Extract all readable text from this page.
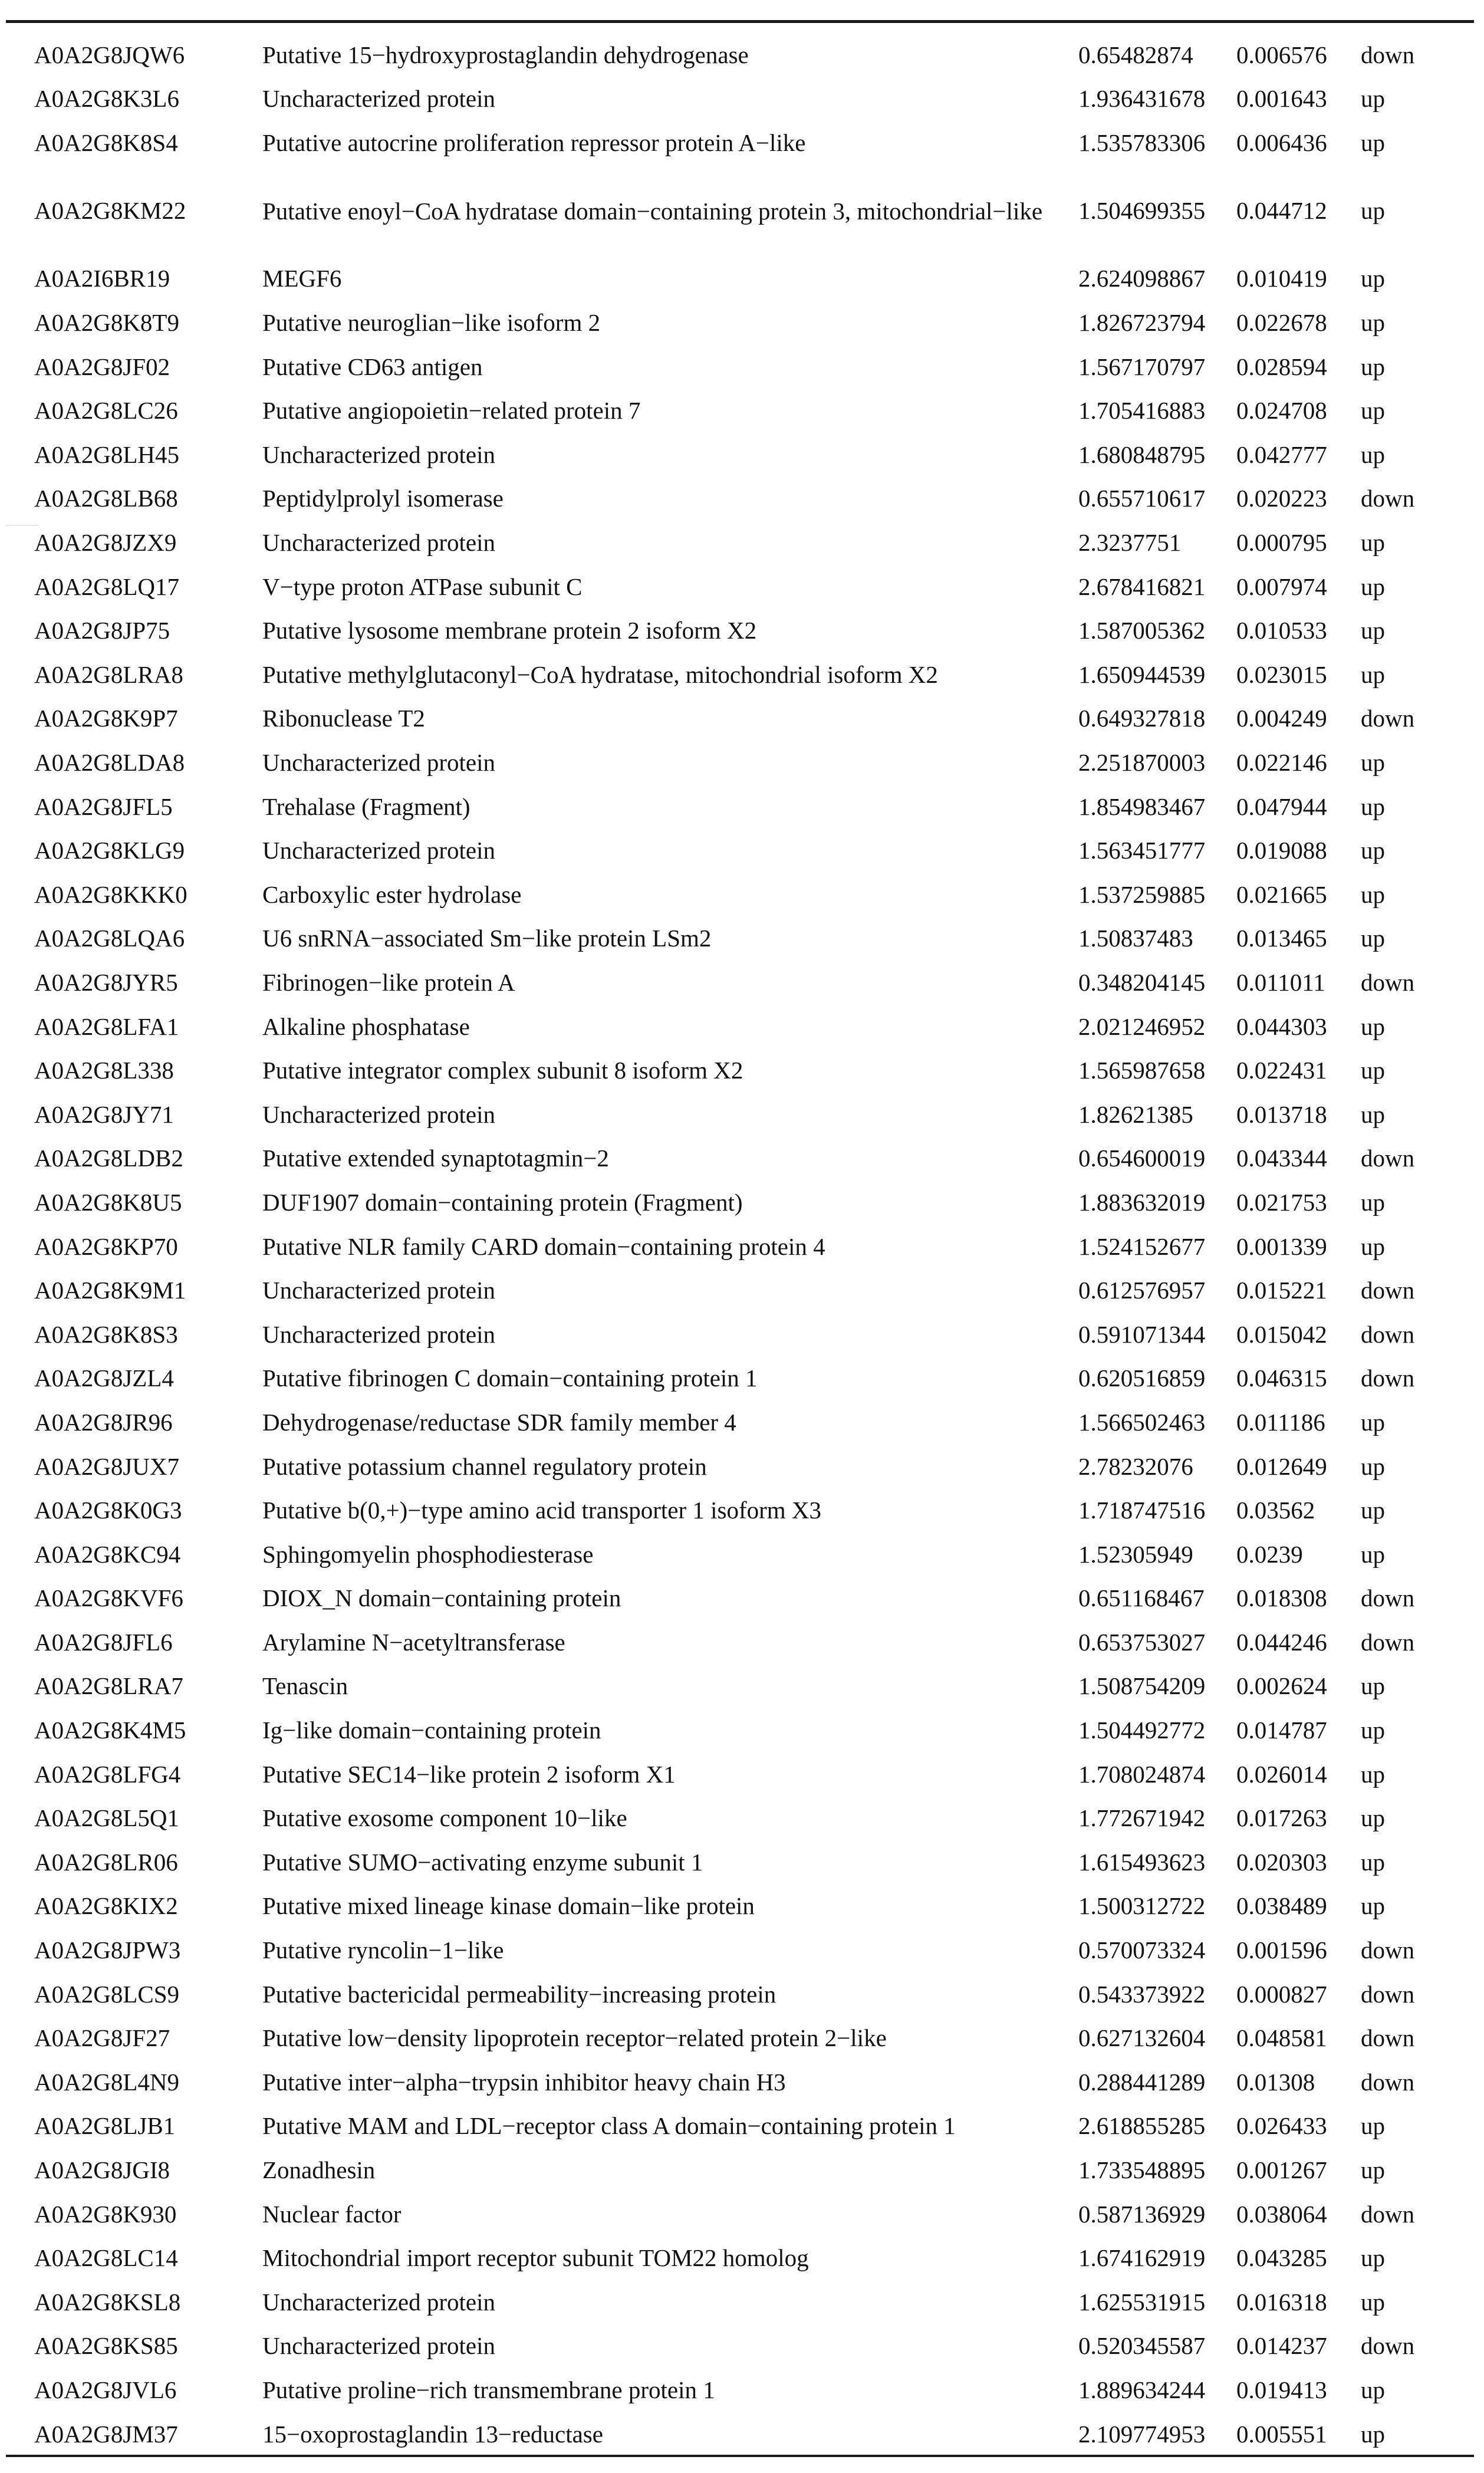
A0A2G8JQW6	Putative 15−hydroxyprostaglandin dehydrogenase	0.65482874	0.006576	down
A0A2G8K3L6	Uncharacterized protein	1.936431678	0.001643	up
A0A2G8K8S4	Putative autocrine proliferation repressor protein A−like	1.535783306	0.006436	up
A0A2G8KM22	Putative enoyl−CoA hydratase domain−containing protein 3, mitochondrial−like	1.504699355	0.044712	up
A0A2I6BR19	MEGF6	2.624098867	0.010419	up
A0A2G8K8T9	Putative neuroglian−like isoform 2	1.826723794	0.022678	up
A0A2G8JF02	Putative CD63 antigen	1.567170797	0.028594	up
A0A2G8LC26	Putative angiopoietin−related protein 7	1.705416883	0.024708	up
A0A2G8LH45	Uncharacterized protein	1.680848795	0.042777	up
A0A2G8LB68	Peptidylprolyl isomerase	0.655710617	0.020223	down
A0A2G8JZX9	Uncharacterized protein	2.3237751	0.000795	up
A0A2G8LQ17	V−type proton ATPase subunit C	2.678416821	0.007974	up
A0A2G8JP75	Putative lysosome membrane protein 2 isoform X2	1.587005362	0.010533	up
A0A2G8LRA8	Putative methylglutaconyl−CoA hydratase, mitochondrial isoform X2	1.650944539	0.023015	up
A0A2G8K9P7	Ribonuclease T2	0.649327818	0.004249	down
A0A2G8LDA8	Uncharacterized protein	2.251870003	0.022146	up
A0A2G8JFL5	Trehalase (Fragment)	1.854983467	0.047944	up
A0A2G8KLG9	Uncharacterized protein	1.563451777	0.019088	up
A0A2G8KKK0	Carboxylic ester hydrolase	1.537259885	0.021665	up
A0A2G8LQA6	U6 snRNA−associated Sm−like protein LSm2	1.50837483	0.013465	up
A0A2G8JYR5	Fibrinogen−like protein A	0.348204145	0.011011	down
A0A2G8LFA1	Alkaline phosphatase	2.021246952	0.044303	up
A0A2G8L338	Putative integrator complex subunit 8 isoform X2	1.565987658	0.022431	up
A0A2G8JY71	Uncharacterized protein	1.82621385	0.013718	up
A0A2G8LDB2	Putative extended synaptotagmin−2	0.654600019	0.043344	down
A0A2G8K8U5	DUF1907 domain−containing protein (Fragment)	1.883632019	0.021753	up
A0A2G8KP70	Putative NLR family CARD domain−containing protein 4	1.524152677	0.001339	up
A0A2G8K9M1	Uncharacterized protein	0.612576957	0.015221	down
A0A2G8K8S3	Uncharacterized protein	0.591071344	0.015042	down
A0A2G8JZL4	Putative fibrinogen C domain−containing protein 1	0.620516859	0.046315	down
A0A2G8JR96	Dehydrogenase/reductase SDR family member 4	1.566502463	0.011186	up
A0A2G8JUX7	Putative potassium channel regulatory protein	2.78232076	0.012649	up
A0A2G8K0G3	Putative b(0,+)−type amino acid transporter 1 isoform X3	1.718747516	0.03562	up
A0A2G8KC94	Sphingomyelin phosphodiesterase	1.52305949	0.0239	up
A0A2G8KVF6	DIOX_N domain−containing protein	0.651168467	0.018308	down
A0A2G8JFL6	Arylamine N−acetyltransferase	0.653753027	0.044246	down
A0A2G8LRA7	Tenascin	1.508754209	0.002624	up
A0A2G8K4M5	Ig−like domain−containing protein	1.504492772	0.014787	up
A0A2G8LFG4	Putative SEC14−like protein 2 isoform X1	1.708024874	0.026014	up
A0A2G8L5Q1	Putative exosome component 10−like	1.772671942	0.017263	up
A0A2G8LR06	Putative SUMO−activating enzyme subunit 1	1.615493623	0.020303	up
A0A2G8KIX2	Putative mixed lineage kinase domain−like protein	1.500312722	0.038489	up
A0A2G8JPW3	Putative ryncolin−1−like	0.570073324	0.001596	down
A0A2G8LCS9	Putative bactericidal permeability−increasing protein	0.543373922	0.000827	down
A0A2G8JF27	Putative low−density lipoprotein receptor−related protein 2−like	0.627132604	0.048581	down
A0A2G8L4N9	Putative inter−alpha−trypsin inhibitor heavy chain H3	0.288441289	0.01308	down
A0A2G8LJB1	Putative MAM and LDL−receptor class A domain−containing protein 1	2.618855285	0.026433	up
A0A2G8JGI8	Zonadhesin	1.733548895	0.001267	up
A0A2G8K930	Nuclear factor	0.587136929	0.038064	down
A0A2G8LC14	Mitochondrial import receptor subunit TOM22 homolog	1.674162919	0.043285	up
A0A2G8KSL8	Uncharacterized protein	1.625531915	0.016318	up
A0A2G8KS85	Uncharacterized protein	0.520345587	0.014237	down
A0A2G8JVL6	Putative proline−rich transmembrane protein 1	1.889634244	0.019413	up
A0A2G8JM37	15−oxoprostaglandin 13−reductase	2.109774953	0.005551	up
